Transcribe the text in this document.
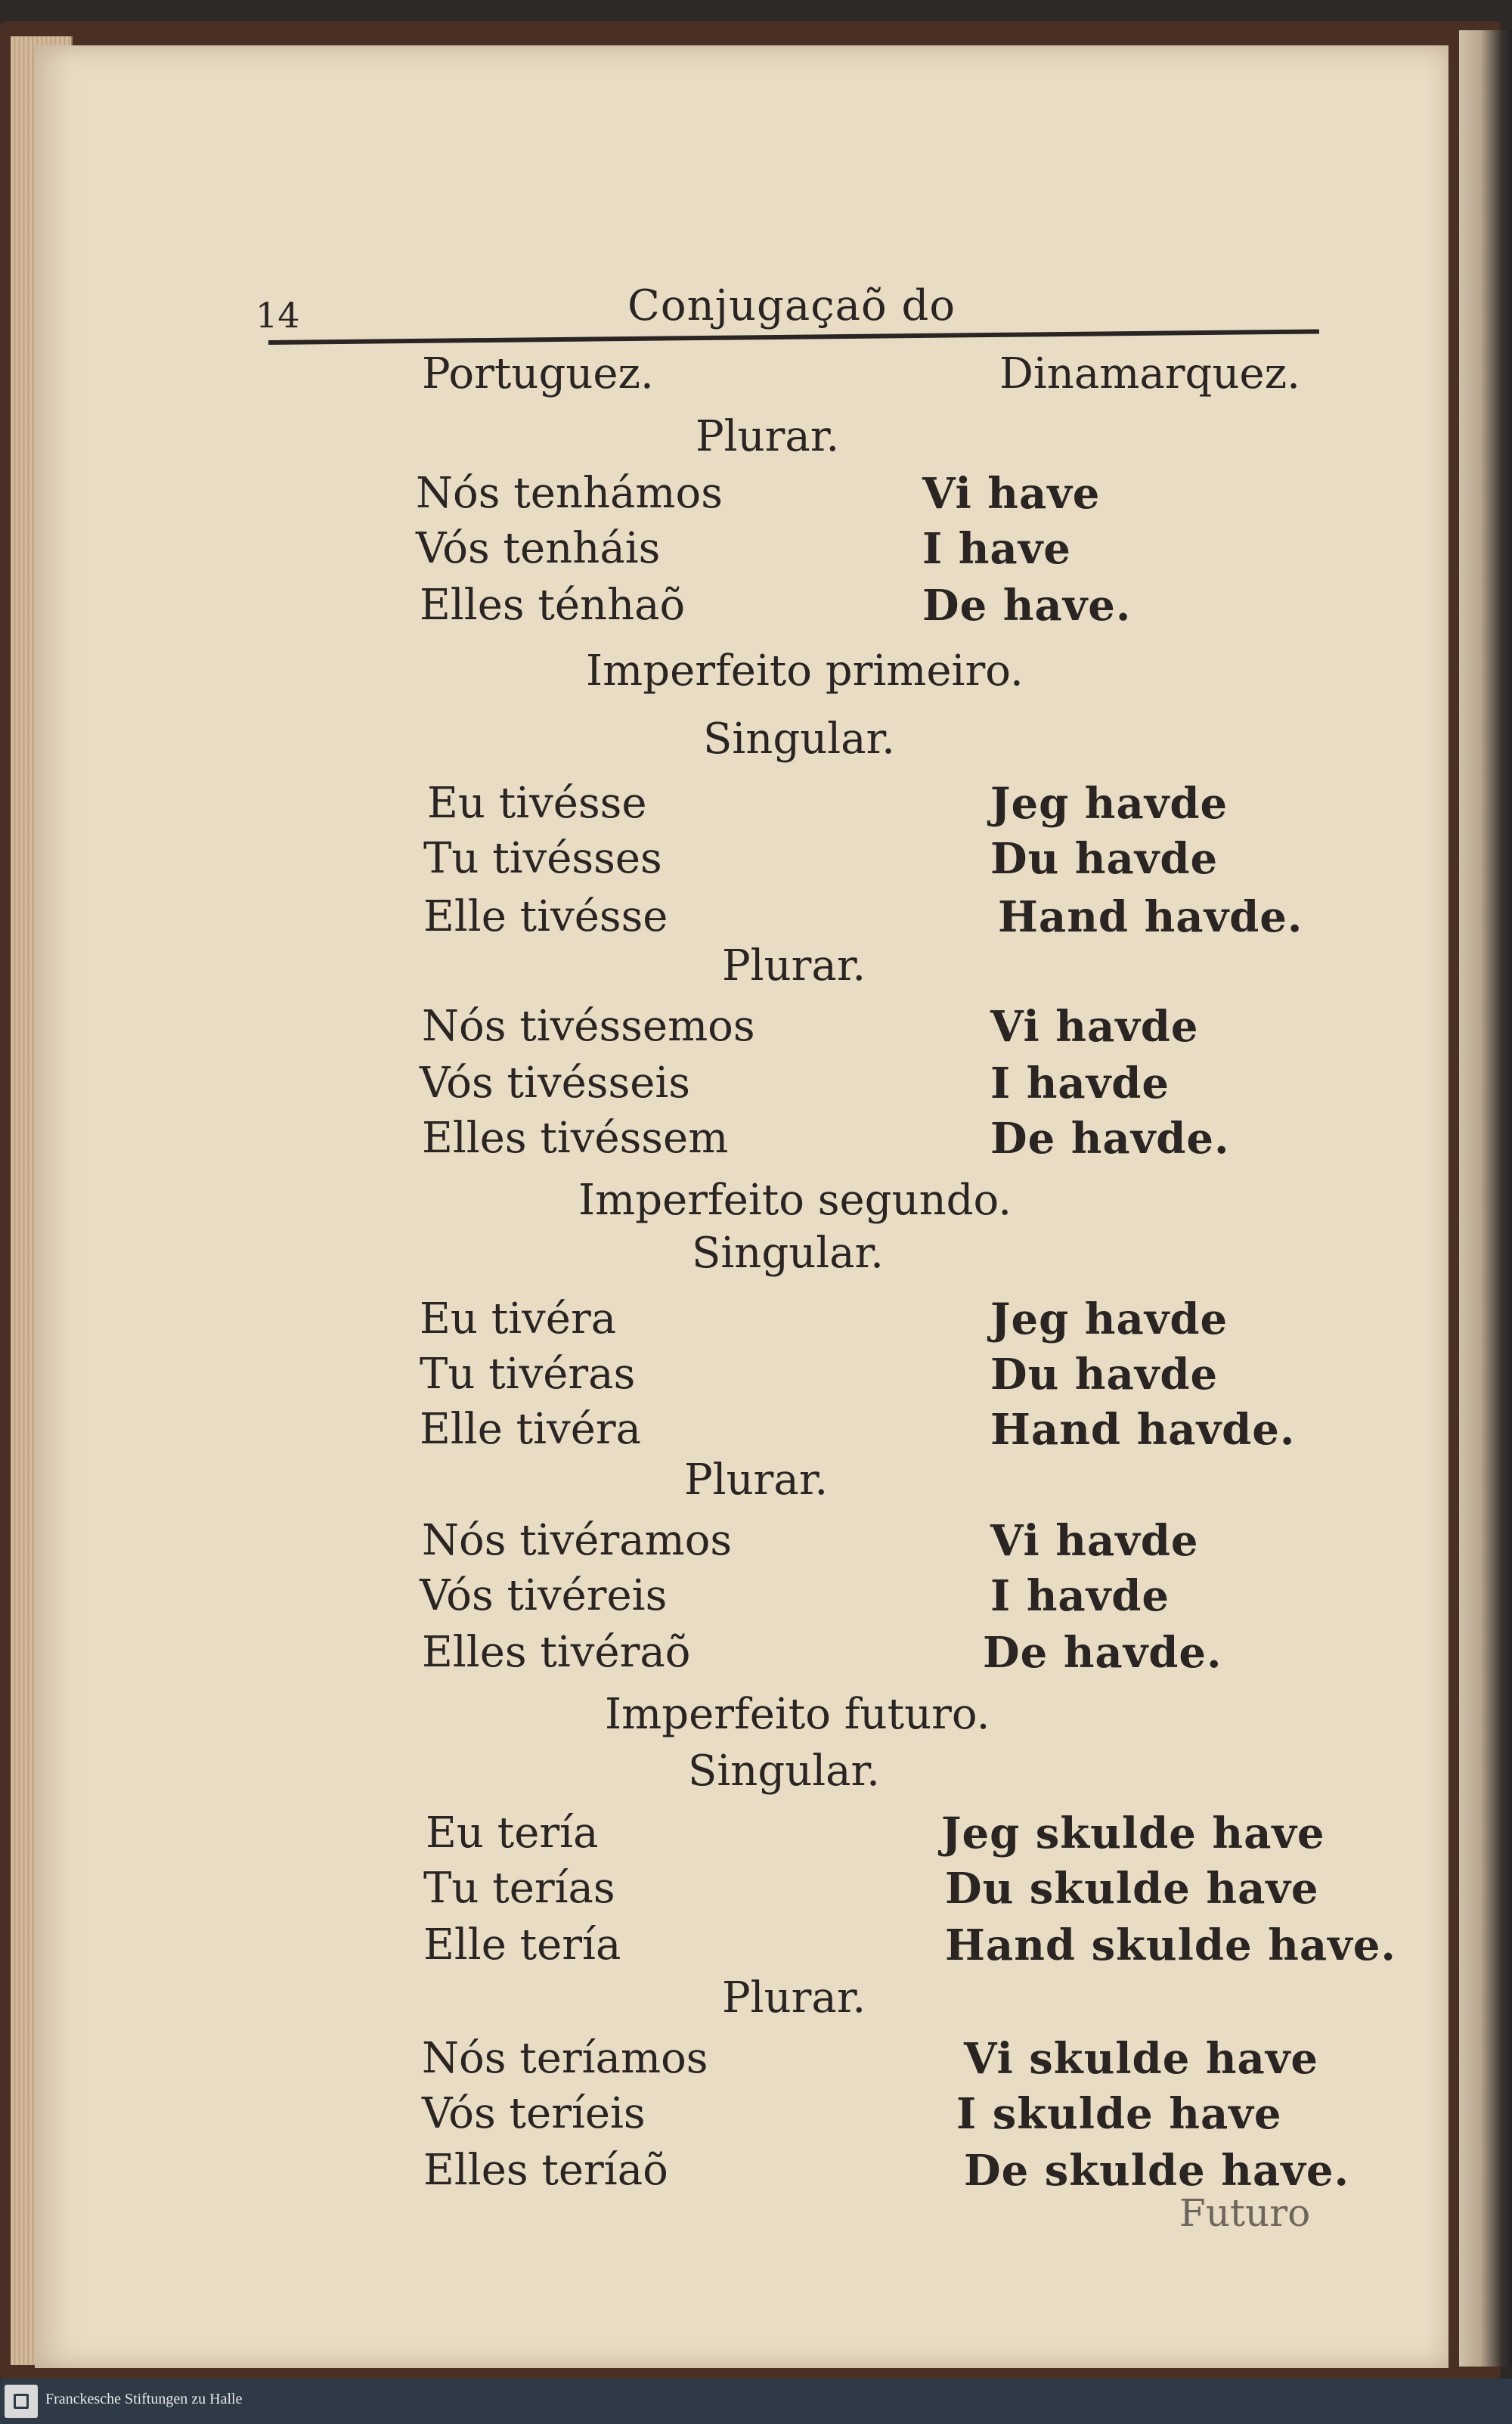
14	Conjugaçaõ do
Portuguez.	Dinamarquez.
Plurar.
Nós tenhámos	Vi have
Vós tenháis	I have
Elles ténhaõ	De have.
Imperfeito primeiro.
Singular.
Eu tivésse	Jeg havde
Tu tivésses	Du havde
Elle tivésse	Hand havde.
Plurar.
Nós tivéssemos	Vi havde
Vós tivésseis	I havde
Elles tivéssem	De havde.
Imperfeito segundo.
Singular.
Eu tivéra	Jeg havde
Tu tivéras	Du havde
Elle tivéra	Hand havde.
Plurar.
Nós tivéramos	Vi havde
Vós tivéreis	I havde
Elles tivéraõ	De havde.
Imperfeito futuro.
Singular.
Eu tería	Jeg skulde have
Tu terías	Du skulde have
Elle tería	Hand skulde have.
Plurar.
Nós teríamos	Vi skulde have
Vós teríeis	I skulde have
Elles teríaõ	De skulde have.
Futuro
Franckesche Stiftungen zu Halle
